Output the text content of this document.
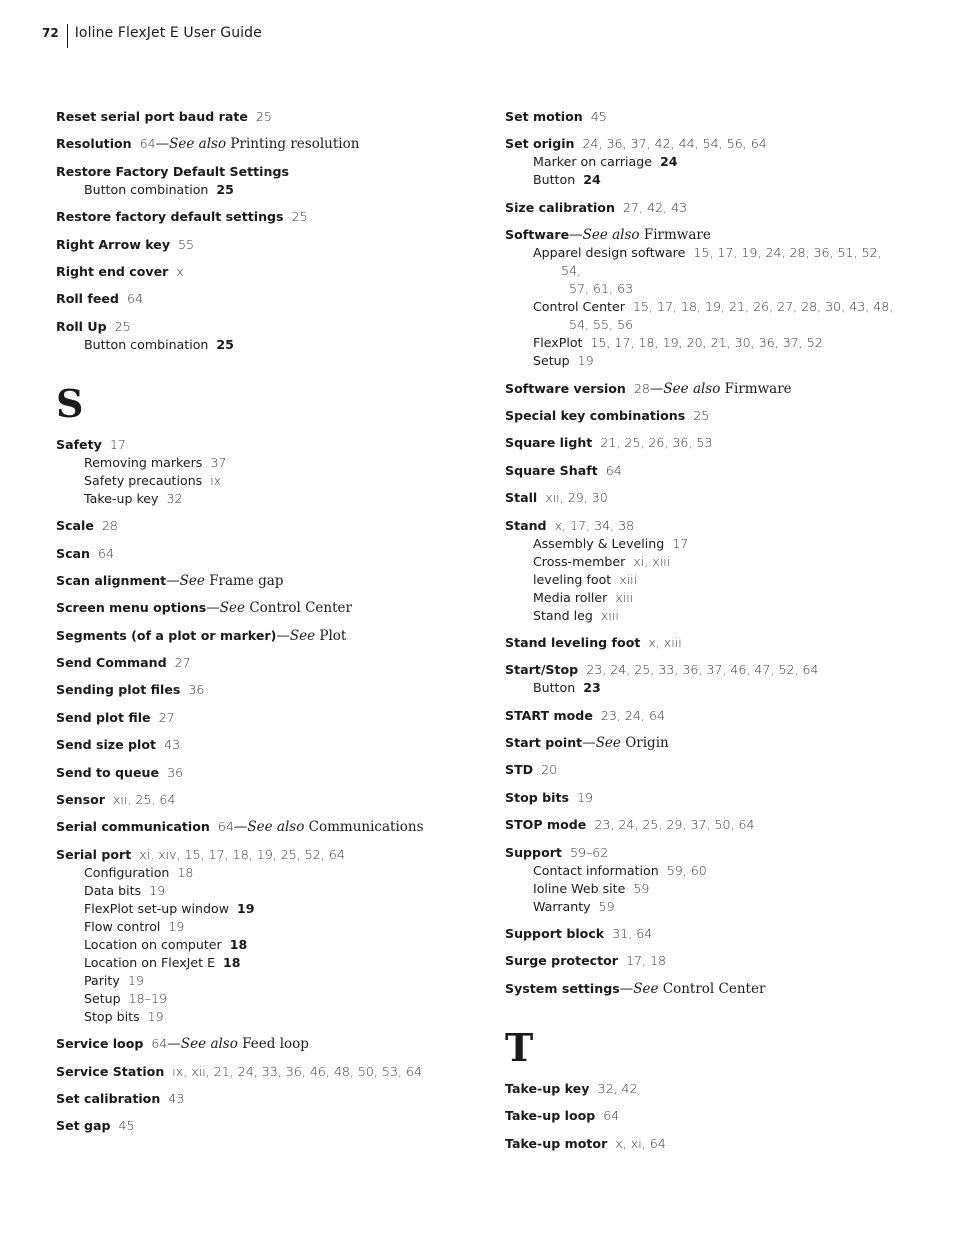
72 Ioline FlexJet E User Guide
Reset serial port baud rate 25
Resolution 64—See also Printing resolution
Restore Factory Default Settings
Button combination 25
Restore factory default settings 25
Right Arrow key 55
Right end cover x
Roll feed 64
Roll Up 25
Button combination 25
S
Safety 17
Removing markers 37
Safety precautions ix
Take-up key 32
Scale 28
Scan 64
Scan alignment—See Frame gap
Screen menu options—See Control Center
Segments (of a plot or marker)—See Plot
Send Command 27
Sending plot files 36
Send plot file 27
Send size plot 43
Send to queue 36
Sensor xii, 25, 64
Serial communication 64—See also Communications
Serial port xi, xiv, 15, 17, 18, 19, 25, 52, 64
Configuration 18
Data bits 19
FlexPlot set-up window 19
Flow control 19
Location on computer 18
Location on FlexJet E 18
Parity 19
Setup 18–19
Stop bits 19
Service loop 64—See also Feed loop
Service Station ix, xii, 21, 24, 33, 36, 46, 48, 50, 53, 64
Set calibration 43
Set gap 45
Set motion 45
Set origin 24, 36, 37, 42, 44, 54, 56, 64
Marker on carriage 24
Button 24
Size calibration 27, 42, 43
Software—See also Firmware
Apparel design software 15, 17, 19, 24, 28, 36, 51, 52, 54,
57, 61, 63
Control Center 15, 17, 18, 19, 21, 26, 27, 28, 30, 43, 48,
54, 55, 56
FlexPlot 15, 17, 18, 19, 20, 21, 30, 36, 37, 52
Setup 19
Software version 28—See also Firmware
Special key combinations 25
Square light 21, 25, 26, 36, 53
Square Shaft 64
Stall xii, 29, 30
Stand x, 17, 34, 38
Assembly & Leveling 17
Cross-member xi, xiii
leveling foot xiii
Media roller xiii
Stand leg xiii
Stand leveling foot x, xiii
Start/Stop 23, 24, 25, 33, 36, 37, 46, 47, 52, 64
Button 23
START mode 23, 24, 64
Start point—See Origin
STD 20
Stop bits 19
STOP mode 23, 24, 25, 29, 37, 50, 64
Support 59–62
Contact information 59, 60
Ioline Web site 59
Warranty 59
Support block 31, 64
Surge protector 17, 18
System settings—See Control Center
T
Take-up key 32, 42
Take-up loop 64
Take-up motor x, xi, 64
